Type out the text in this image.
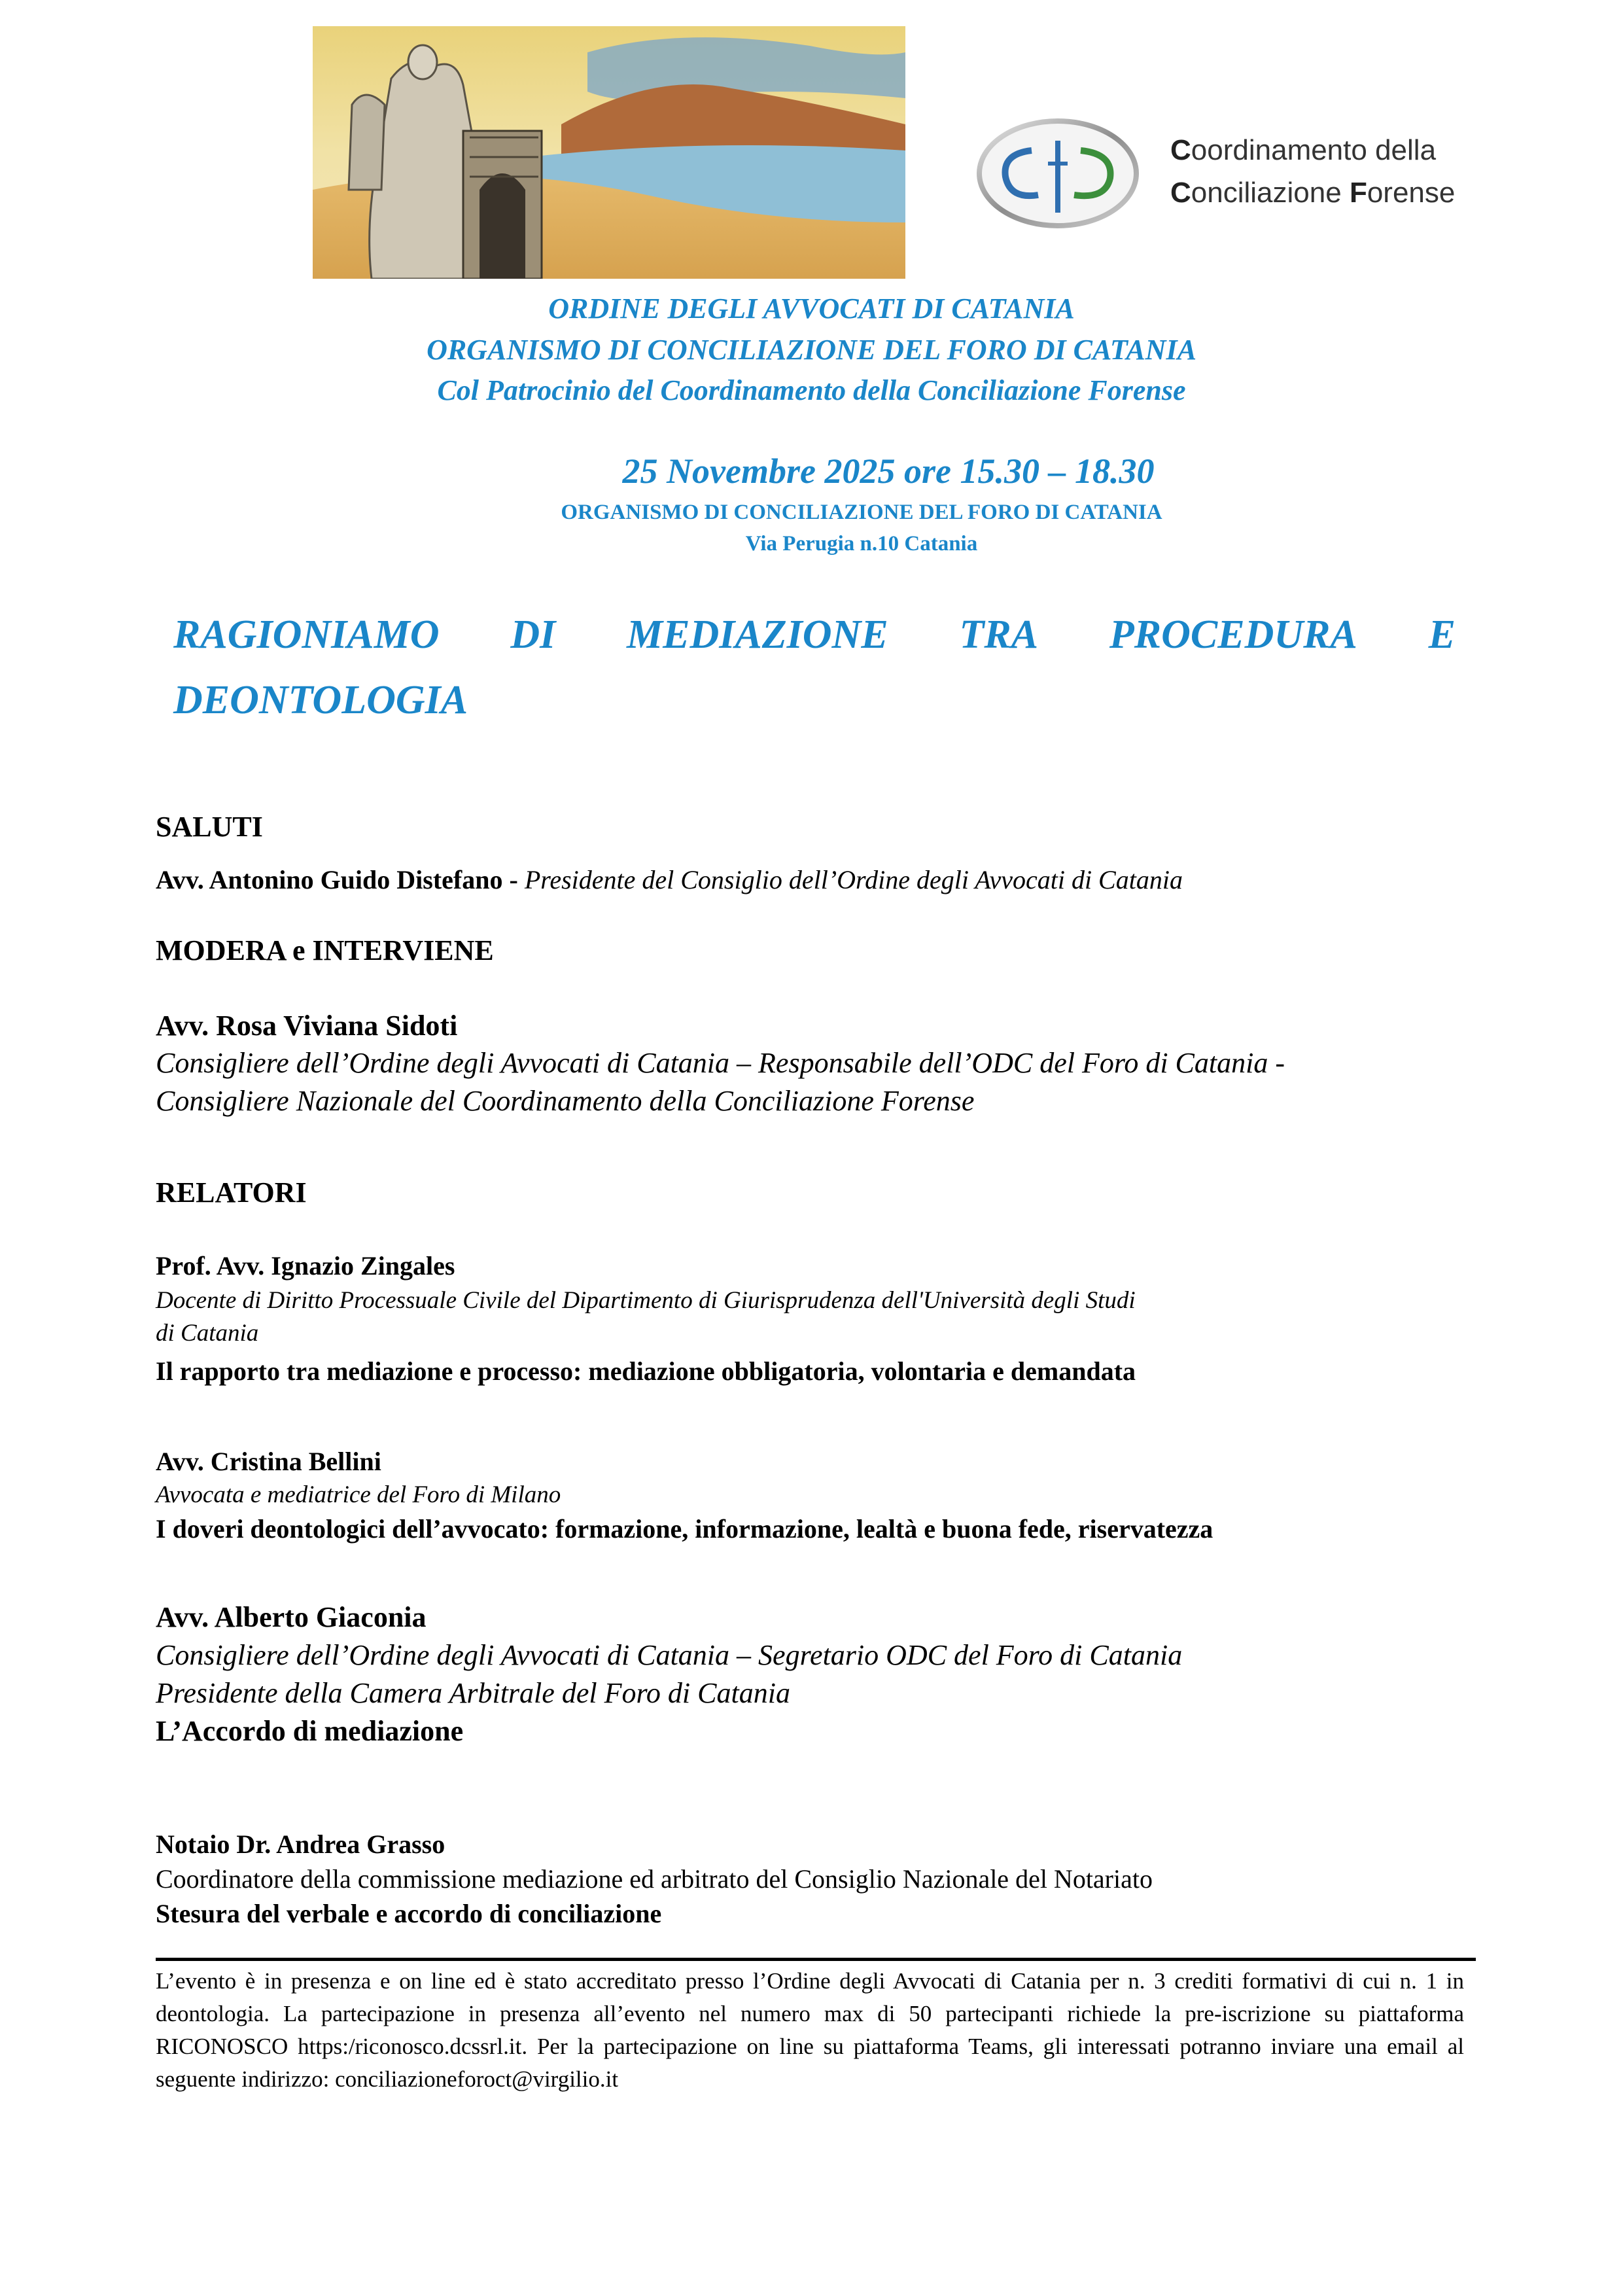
Coordinamento della
Conciliazione Forense
ORDINE DEGLI AVVOCATI DI CATANIA
ORGANISMO DI CONCILIAZIONE DEL FORO DI CATANIA
Col Patrocinio del Coordinamento della Conciliazione Forense
25 Novembre 2025 ore 15.30 – 18.30
ORGANISMO DI CONCILIAZIONE DEL FORO DI CATANIA
Via Perugia n.10 Catania
RAGIONIAMO DI MEDIAZIONE TRA PROCEDURA E
DEONTOLOGIA
SALUTI
Avv. Antonino Guido Distefano - Presidente del Consiglio dell’Ordine degli Avvocati di Catania
MODERA e INTERVIENE
Avv. Rosa Viviana Sidoti
Consigliere dell’Ordine degli Avvocati di Catania – Responsabile dell’ODC del Foro di Catania -
Consigliere Nazionale del Coordinamento della Conciliazione Forense
RELATORI
Prof. Avv. Ignazio Zingales
Docente di Diritto Processuale Civile del Dipartimento di Giurisprudenza dell'Università degli Studi
di Catania
Il rapporto tra mediazione e processo: mediazione obbligatoria, volontaria e demandata
Avv. Cristina Bellini
Avvocata e mediatrice del Foro di Milano
I doveri deontologici dell’avvocato: formazione, informazione, lealtà e buona fede, riservatezza
Avv. Alberto Giaconia
Consigliere dell’Ordine degli Avvocati di Catania – Segretario ODC del Foro di Catania
Presidente della Camera Arbitrale del Foro di Catania
L’Accordo di mediazione
Notaio Dr. Andrea Grasso
Coordinatore della commissione mediazione ed arbitrato del Consiglio Nazionale del Notariato
Stesura del verbale e accordo di conciliazione
L’evento è in presenza e on line ed è stato accreditato presso l’Ordine degli Avvocati di Catania per n. 3 crediti formativi di cui n. 1 in deontologia. La partecipazione in presenza all’evento nel numero max di 50 partecipanti richiede la pre-iscrizione su piattaforma RICONOSCO https:/riconosco.dcssrl.it. Per la partecipazione on line su piattaforma Teams, gli interessati potranno inviare una email al seguente indirizzo: conciliazioneforoct@virgilio.it
